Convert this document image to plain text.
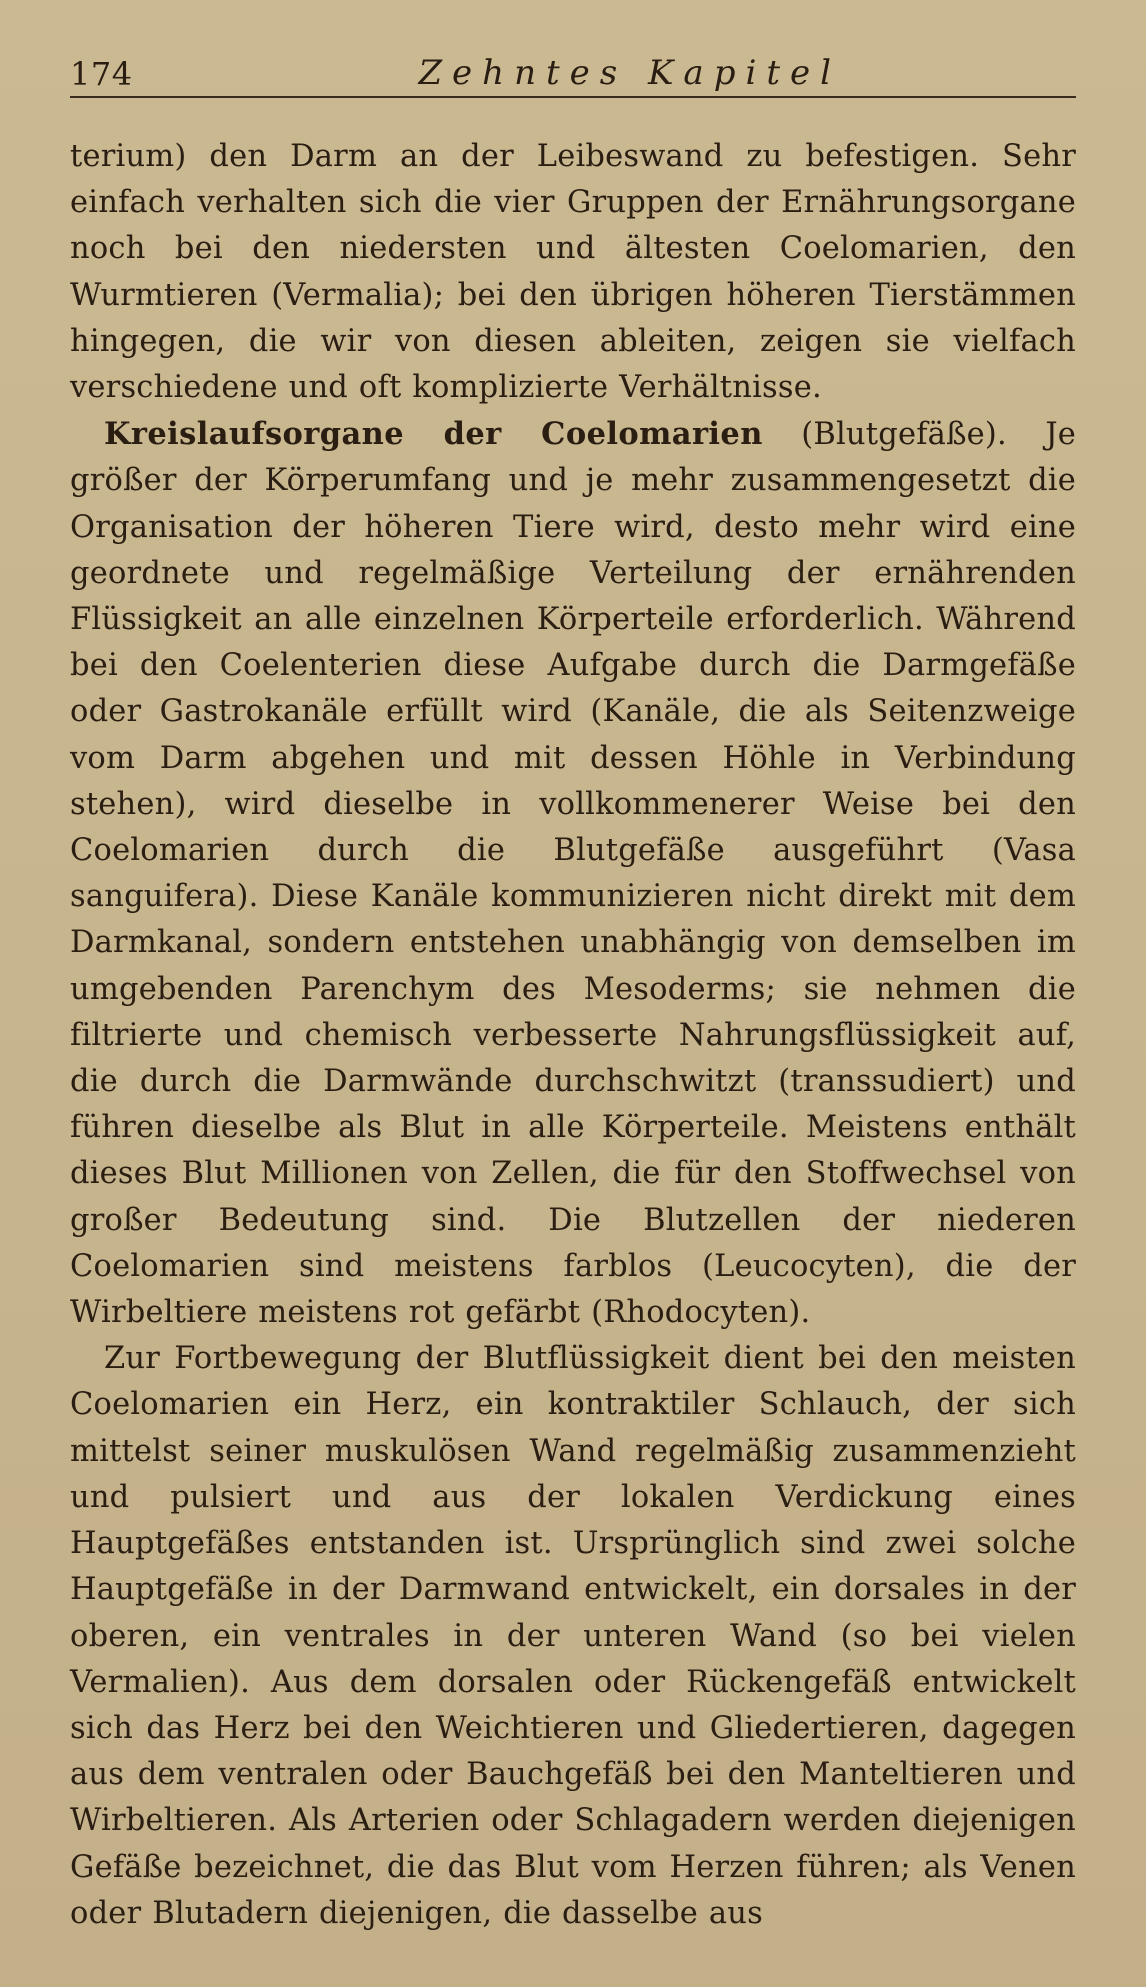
174	Zehntes Kapitel

terium) den Darm an der Leibeswand zu befestigen. Sehr einfach verhalten sich die vier Gruppen der Ernährungsorgane noch bei den niedersten und ältesten Coelomarien, den Wurmtieren (Vermalia); bei den übrigen höheren Tierstämmen hingegen, die wir von diesen ableiten, zeigen sie vielfach verschiedene und oft komplizierte Verhältnisse.

Kreislaufsorgane der Coelomarien (Blutgefäße). Je größer der Körperumfang und je mehr zusammengesetzt die Organisation der höheren Tiere wird, desto mehr wird eine geordnete und regelmäßige Verteilung der ernährenden Flüssigkeit an alle einzelnen Körperteile erforderlich. Während bei den Coelenterien diese Aufgabe durch die Darmgefäße oder Gastrokanäle erfüllt wird (Kanäle, die als Seitenzweige vom Darm abgehen und mit dessen Höhle in Verbindung stehen), wird dieselbe in vollkommenerer Weise bei den Coelomarien durch die Blutgefäße ausgeführt (Vasa sanguifera). Diese Kanäle kommunizieren nicht direkt mit dem Darmkanal, sondern entstehen unabhängig von demselben im umgebenden Parenchym des Mesoderms; sie nehmen die filtrierte und chemisch verbesserte Nahrungsflüssigkeit auf, die durch die Darmwände durchschwitzt (transsudiert) und führen dieselbe als Blut in alle Körperteile. Meistens enthält dieses Blut Millionen von Zellen, die für den Stoffwechsel von großer Bedeutung sind. Die Blutzellen der niederen Coelomarien sind meistens farblos (Leucocyten), die der Wirbeltiere meistens rot gefärbt (Rhodocyten).

Zur Fortbewegung der Blutflüssigkeit dient bei den meisten Coelomarien ein Herz, ein kontraktiler Schlauch, der sich mittelst seiner muskulösen Wand regelmäßig zusammenzieht und pulsiert und aus der lokalen Verdickung eines Hauptgefäßes entstanden ist. Ursprünglich sind zwei solche Hauptgefäße in der Darmwand entwickelt, ein dorsales in der oberen, ein ventrales in der unteren Wand (so bei vielen Vermalien). Aus dem dorsalen oder Rückengefäß entwickelt sich das Herz bei den Weichtieren und Gliedertieren, dagegen aus dem ventralen oder Bauchgefäß bei den Manteltieren und Wirbeltieren. Als Arterien oder Schlagadern werden diejenigen Gefäße bezeichnet, die das Blut vom Herzen führen; als Venen oder Blutadern diejenigen, die dasselbe aus
